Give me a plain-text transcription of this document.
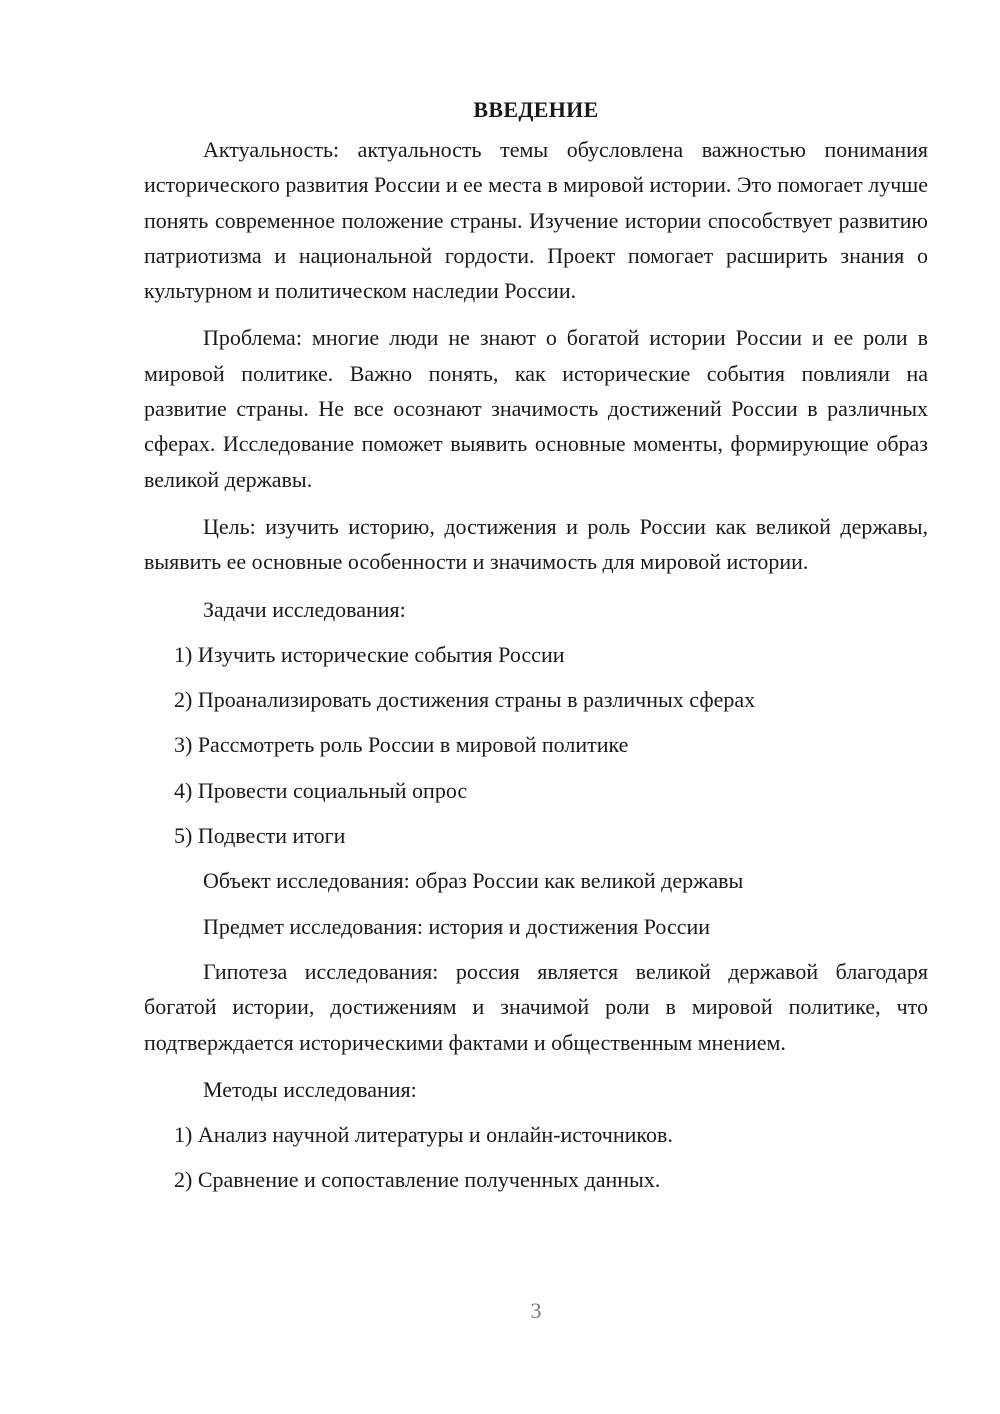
ВВЕДЕНИЕ

Актуальность: актуальность темы обусловлена важностью понимания исторического развития России и ее места в мировой истории. Это помогает лучше понять современное положение страны. Изучение истории способствует развитию патриотизма и национальной гордости. Проект помогает расширить знания о культурном и политическом наследии России.

Проблема: многие люди не знают о богатой истории России и ее роли в мировой политике. Важно понять, как исторические события повлияли на развитие страны. Не все осознают значимость достижений России в различных сферах. Исследование поможет выявить основные моменты, формирующие образ великой державы.

Цель: изучить историю, достижения и роль России как великой державы, выявить ее основные особенности и значимость для мировой истории.

Задачи исследования:
1) Изучить исторические события России
2) Проанализировать достижения страны в различных сферах
3) Рассмотреть роль России в мировой политике
4) Провести социальный опрос
5) Подвести итоги
Объект исследования: образ России как великой державы
Предмет исследования: история и достижения России

Гипотеза исследования: россия является великой державой благодаря богатой истории, достижениям и значимой роли в мировой политике, что подтверждается историческими фактами и общественным мнением.

Методы исследования:
1) Анализ научной литературы и онлайн-источников.
2) Сравнение и сопоставление полученных данных.
3
